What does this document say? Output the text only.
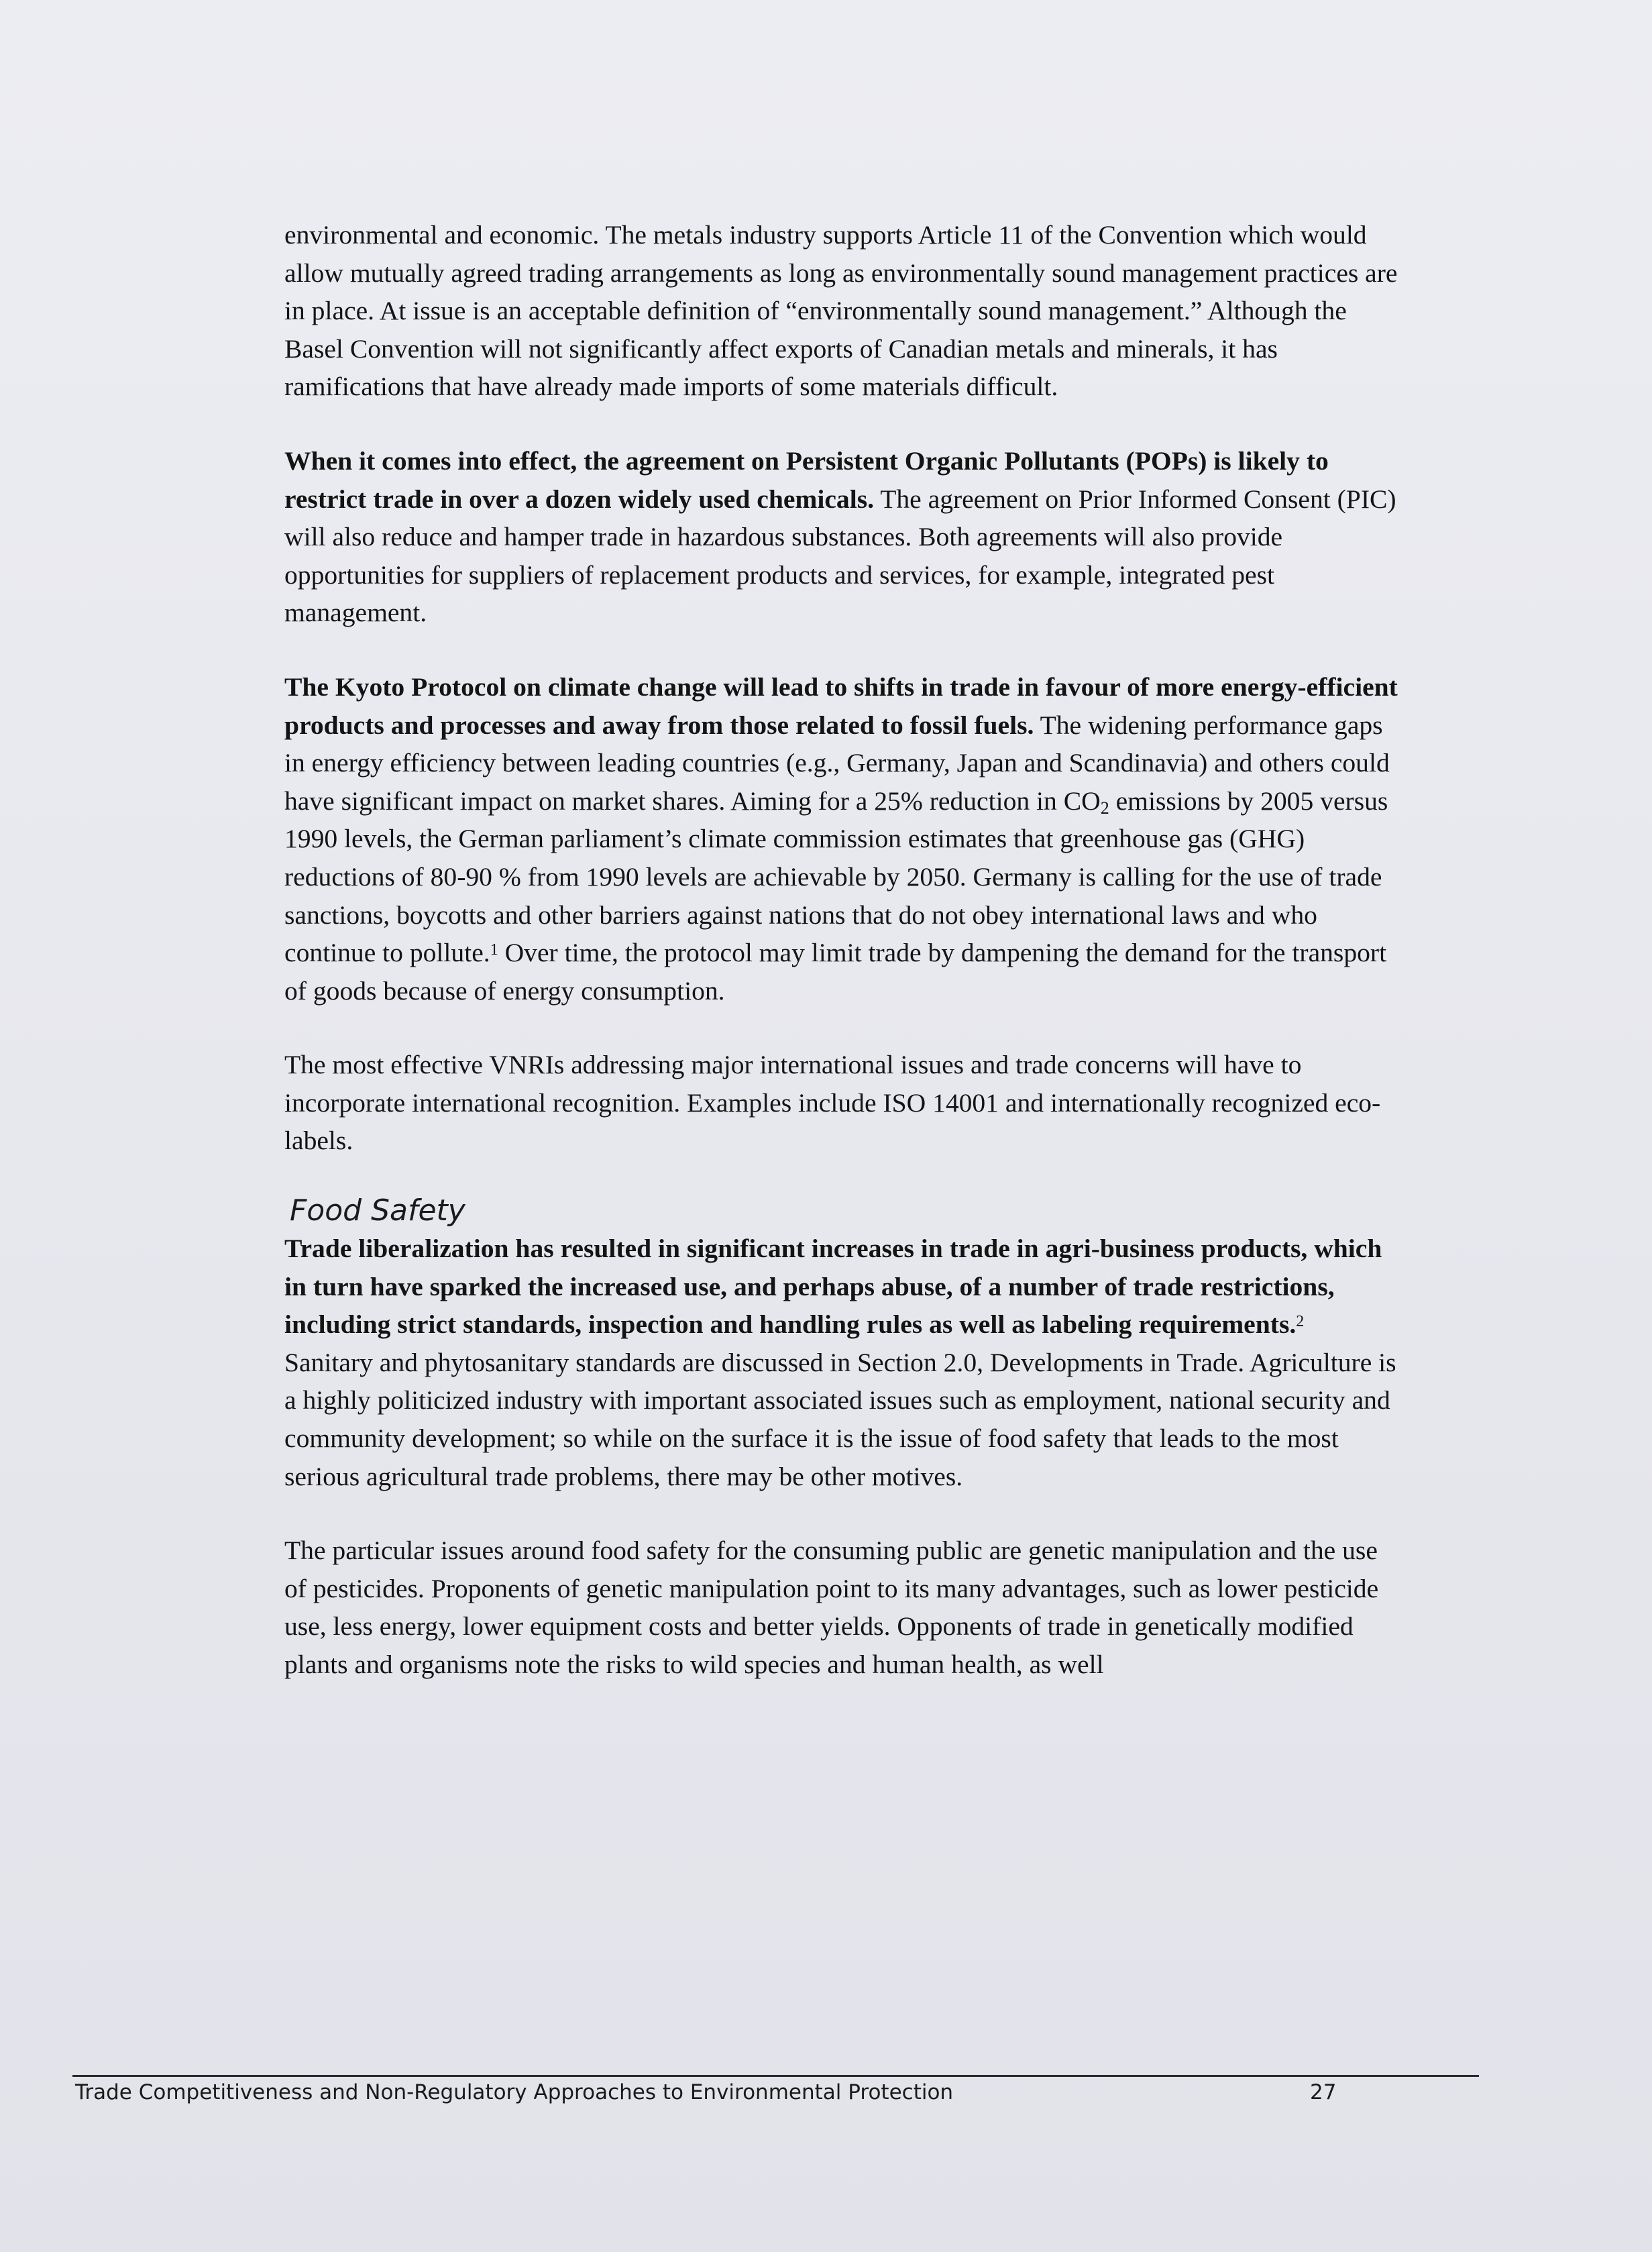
environmental and economic. The metals industry supports Article 11 of the Convention which would allow mutually agreed trading arrangements as long as environmentally sound management practices are in place. At issue is an acceptable definition of “environmentally sound management.” Although the Basel Convention will not significantly affect exports of Canadian metals and minerals, it has ramifications that have already made imports of some materials difficult.

When it comes into effect, the agreement on Persistent Organic Pollutants (POPs) is likely to restrict trade in over a dozen widely used chemicals. The agreement on Prior Informed Consent (PIC) will also reduce and hamper trade in hazardous substances. Both agreements will also provide opportunities for suppliers of replacement products and services, for example, integrated pest management.

The Kyoto Protocol on climate change will lead to shifts in trade in favour of more energy-efficient products and processes and away from those related to fossil fuels. The widening performance gaps in energy efficiency between leading countries (e.g., Germany, Japan and Scandinavia) and others could have significant impact on market shares. Aiming for a 25% reduction in $CO_2$ emissions by 2005 versus 1990 levels, the German parliament’s climate commission estimates that greenhouse gas (GHG) reductions of 80-90 % from 1990 levels are achievable by 2050. Germany is calling for the use of trade sanctions, boycotts and other barriers against nations that do not obey international laws and who continue to pollute.$^1$ Over time, the protocol may limit trade by dampening the demand for the transport of goods because of energy consumption.

The most effective VNRIs addressing major international issues and trade concerns will have to incorporate international recognition. Examples include ISO 14001 and internationally recognized eco-labels.

Food Safety

Trade liberalization has resulted in significant increases in trade in agri-business products, which in turn have sparked the increased use, and perhaps abuse, of a number of trade restrictions, including strict standards, inspection and handling rules as well as labeling requirements.$^2$ Sanitary and phytosanitary standards are discussed in Section 2.0, Developments in Trade. Agriculture is a highly politicized industry with important associated issues such as employment, national security and community development; so while on the surface it is the issue of food safety that leads to the most serious agricultural trade problems, there may be other motives.

The particular issues around food safety for the consuming public are genetic manipulation and the use of pesticides. Proponents of genetic manipulation point to its many advantages, such as lower pesticide use, less energy, lower equipment costs and better yields. Opponents of trade in genetically modified plants and organisms note the risks to wild species and human health, as well

Trade Competitiveness and Non-Regulatory Approaches to Environmental Protection	27
